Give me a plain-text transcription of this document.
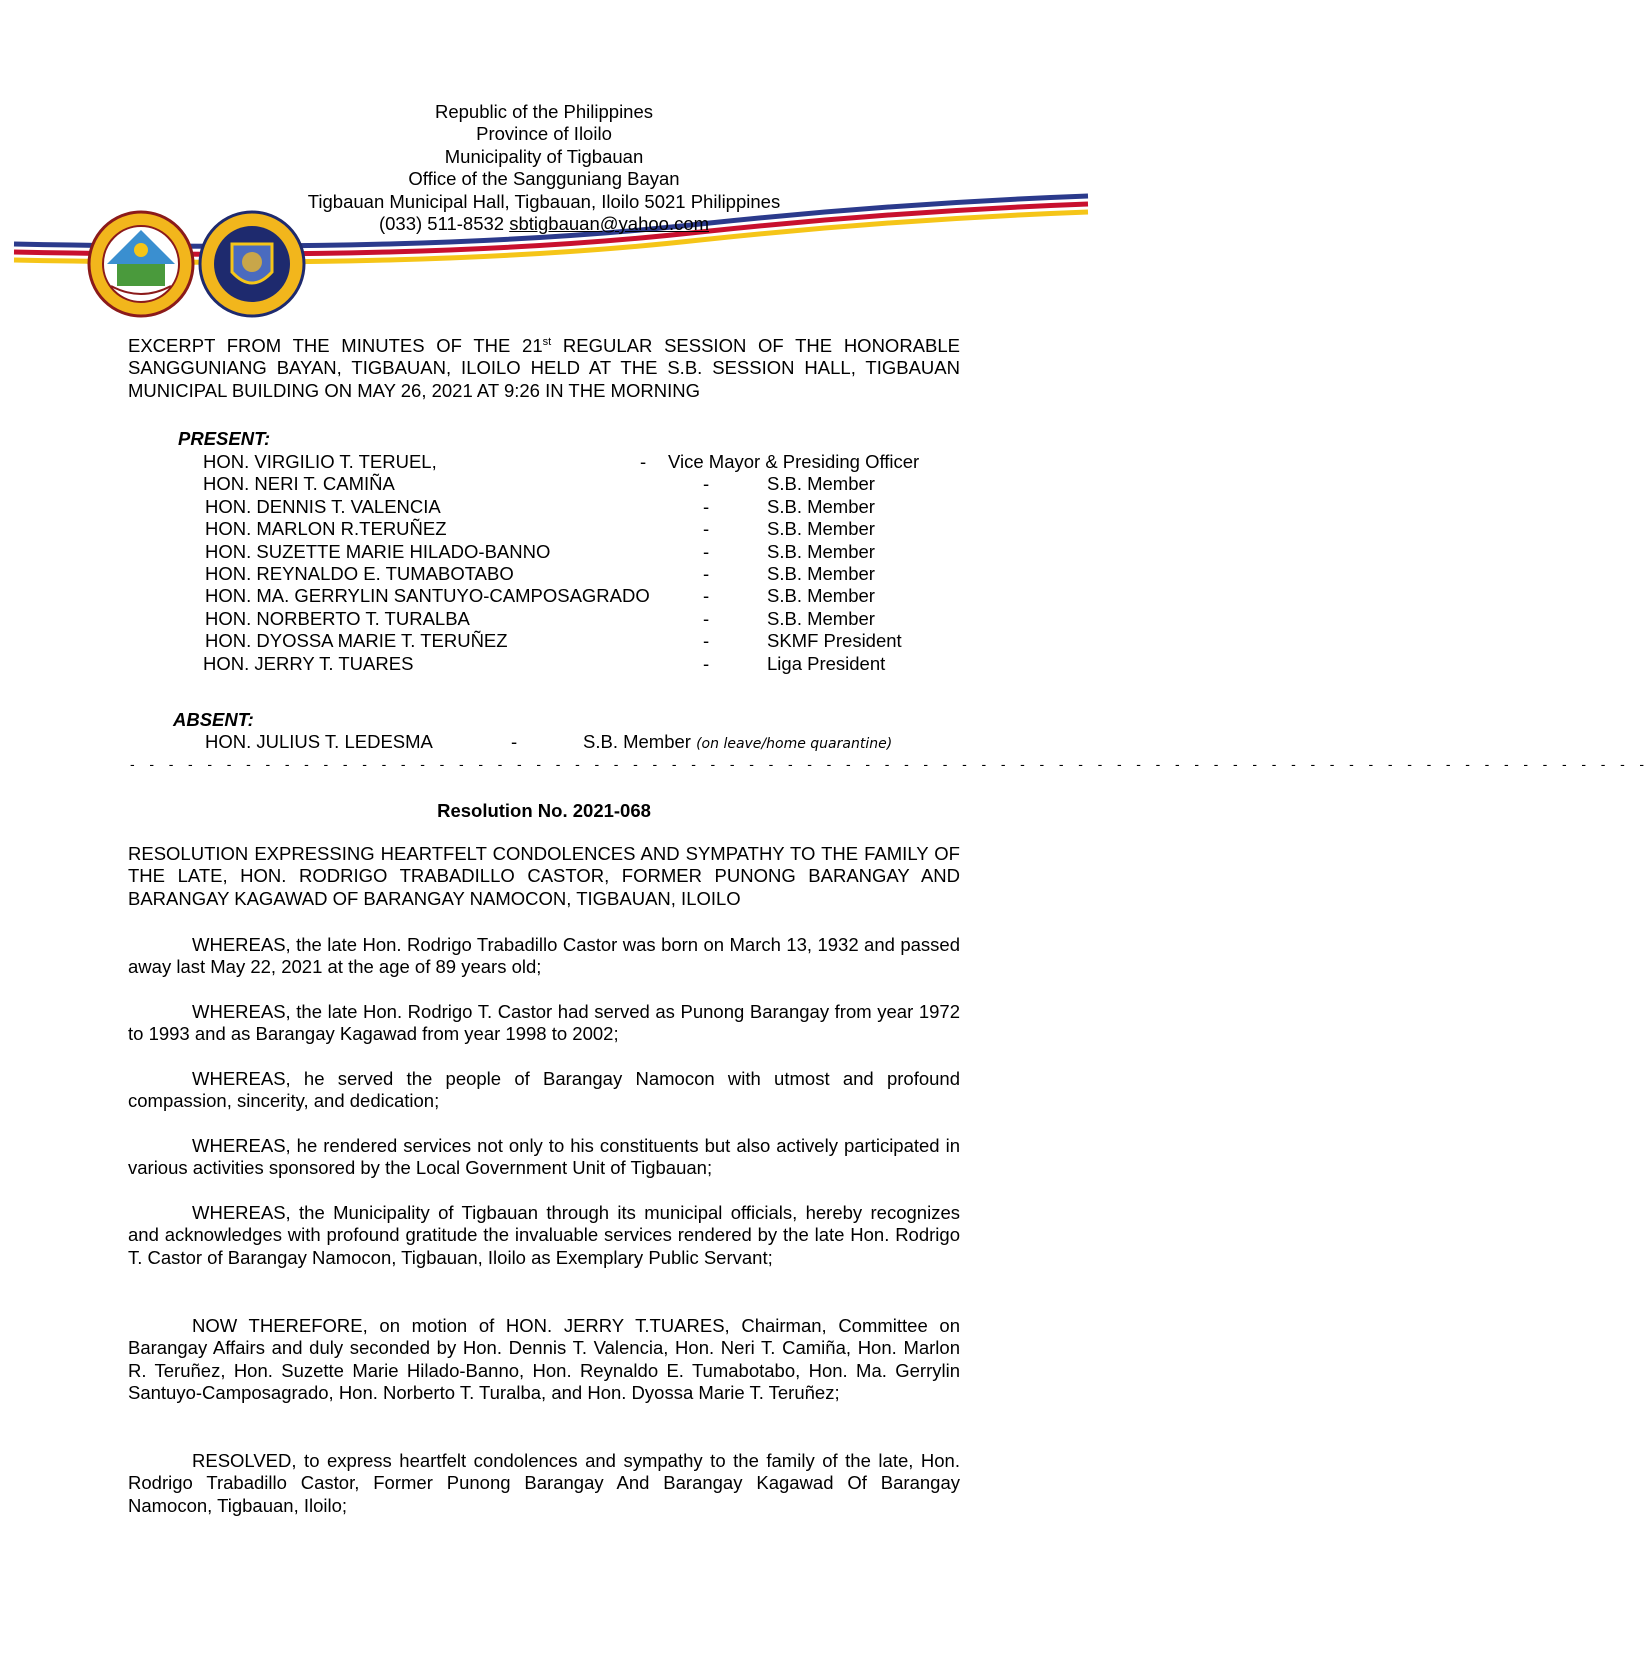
Republic of the Philippines
Province of Iloilo
Municipality of Tigbauan
Office of the Sangguniang Bayan
Tigbauan Municipal Hall, Tigbauan, Iloilo 5021 Philippines
(033) 511-8532 sbtigbauan@yahoo.com
EXCERPT FROM THE MINUTES OF THE 21st REGULAR SESSION OF THE HONORABLE SANGGUNIANG BAYAN, TIGBAUAN, ILOILO HELD AT THE S.B. SESSION HALL, TIGBAUAN MUNICIPAL BUILDING ON MAY 26, 2021 AT 9:26 IN THE MORNING
PRESENT:
HON. VIRGILIO T. TERUEL,	- Vice Mayor & Presiding Officer
HON. NERI T. CAMIÑA	-	S.B. Member
HON. DENNIS T. VALENCIA	-	S.B. Member
HON. MARLON R.TERUÑEZ	-	S.B. Member
HON. SUZETTE MARIE HILADO-BANNO	-	S.B. Member
HON. REYNALDO E. TUMABOTABO	-	S.B. Member
HON. MA. GERRYLIN SANTUYO-CAMPOSAGRADO	-	S.B. Member
HON. NORBERTO T. TURALBA	-	S.B. Member
HON. DYOSSA MARIE T. TERUÑEZ	-	SKMF President
HON. JERRY T. TUARES	-	Liga President
ABSENT:
HON. JULIUS T. LEDESMA	-	S.B. Member (on leave/home quarantine)
- - - - - - - - - - - - - - - - - - - - - - - - - - - - - - - - - - - - - - - - - - - - - - - - - - - - - - - - - - - - - - - - - - - - - - - - - - - - - - -
Resolution No. 2021-068
RESOLUTION EXPRESSING HEARTFELT CONDOLENCES AND SYMPATHY TO THE FAMILY OF THE LATE, HON. RODRIGO TRABADILLO CASTOR, FORMER PUNONG BARANGAY AND BARANGAY KAGAWAD OF BARANGAY NAMOCON, TIGBAUAN, ILOILO
WHEREAS, the late Hon. Rodrigo Trabadillo Castor was born on March 13, 1932 and passed away last May 22, 2021 at the age of 89 years old;
WHEREAS, the late Hon. Rodrigo T. Castor had served as Punong Barangay from year 1972 to 1993 and as Barangay Kagawad from year 1998 to 2002;
WHEREAS, he served the people of Barangay Namocon with utmost and profound compassion, sincerity, and dedication;
WHEREAS, he rendered services not only to his constituents but also actively participated in various activities sponsored by the Local Government Unit of Tigbauan;
WHEREAS, the Municipality of Tigbauan through its municipal officials, hereby recognizes and acknowledges with profound gratitude the invaluable services rendered by the late Hon. Rodrigo T. Castor of Barangay Namocon, Tigbauan, Iloilo as Exemplary Public Servant;
NOW THEREFORE, on motion of HON. JERRY T.TUARES, Chairman, Committee on Barangay Affairs and duly seconded by Hon. Dennis T. Valencia, Hon. Neri T. Camiña, Hon. Marlon R. Teruñez, Hon. Suzette Marie Hilado-Banno, Hon. Reynaldo E. Tumabotabo, Hon. Ma. Gerrylin Santuyo-Camposagrado, Hon. Norberto T. Turalba, and Hon. Dyossa Marie T. Teruñez;
RESOLVED, to express heartfelt condolences and sympathy to the family of the late, Hon. Rodrigo Trabadillo Castor, Former Punong Barangay And Barangay Kagawad Of Barangay Namocon, Tigbauan, Iloilo;
